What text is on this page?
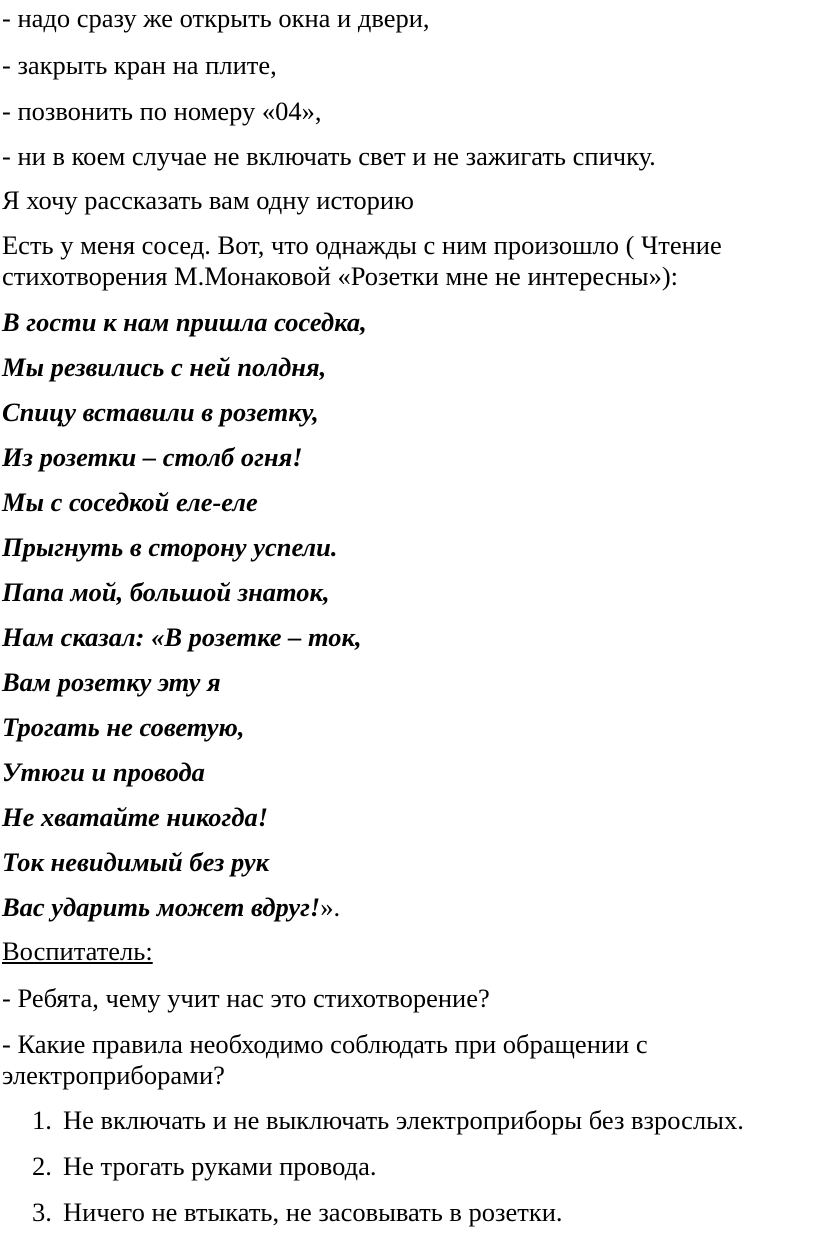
- надо сразу же открыть окна и двери,
- закрыть кран на плите,
- позвонить по номеру «04»,
- ни в коем случае не включать свет и не зажигать спичку.
Я хочу рассказать вам одну историю
Есть у меня сосед. Вот, что однажды с ним произошло ( Чтение
стихотворения М.Монаковой «Розетки мне не интересны»):
В гости к нам пришла соседка,
Мы резвились с ней полдня,
Спицу вставили в розетку,
Из розетки – столб огня!
Мы с соседкой еле-еле
Прыгнуть в сторону успели.
Папа мой, большой знаток,
Нам сказал: «В розетке – ток,
Вам розетку эту я
Трогать не советую,
Утюги и провода
Не хватайте никогда!
Ток невидимый без рук
Вас ударить может вдруг!».
Воспитатель:
- Ребята, чему учит нас это стихотворение?
- Какие правила необходимо соблюдать при обращении с
электроприборами?
1. Не включать и не выключать электроприборы без взрослых.
2. Не трогать руками провода.
3. Ничего не втыкать, не засовывать в розетки.
